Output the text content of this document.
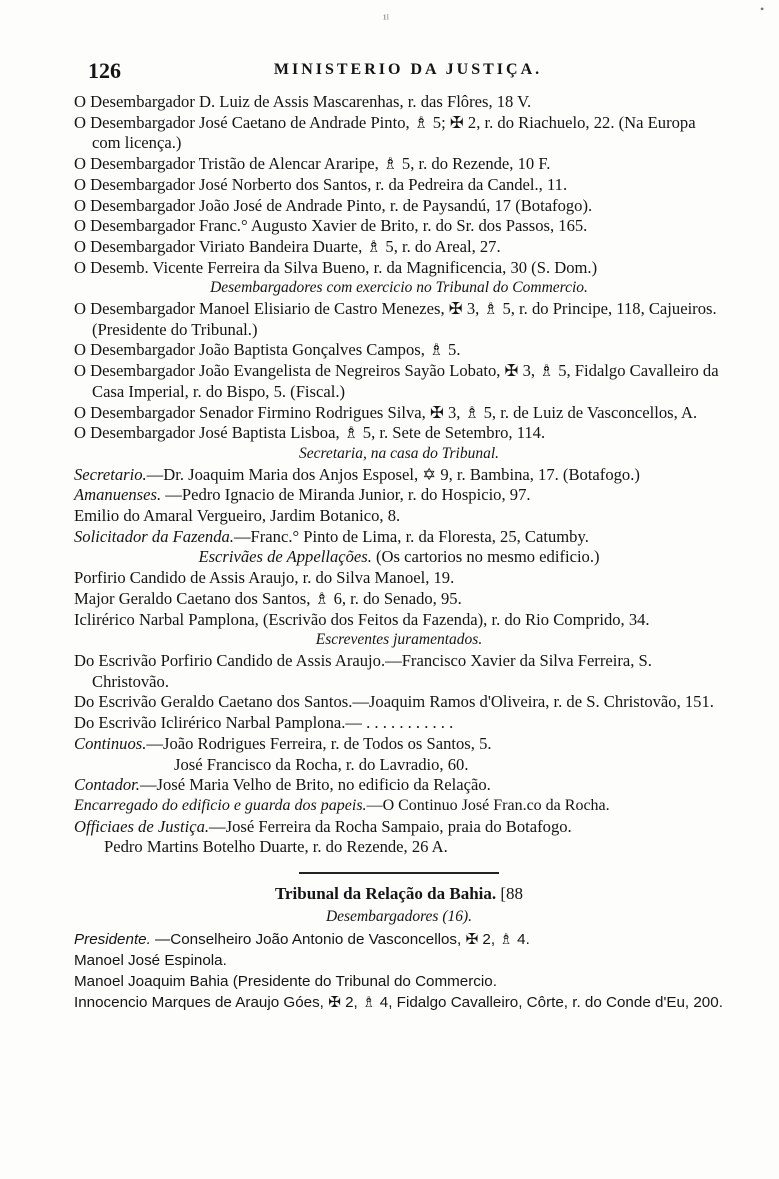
•
¹ᴵ
126	MINISTERIO DA JUSTIÇA.
O Desembargador D. Luiz de Assis Mascarenhas, r. das Flôres, 18 V.
O Desembargador José Caetano de Andrade Pinto, ♗ 5; ✠ 2, r. do Riachuelo, 22. (Na Europa com licença.)
O Desembargador Tristão de Alencar Araripe, ♗ 5, r. do Rezende, 10 F.
O Desembargador José Norberto dos Santos, r. da Pedreira da Candel., 11.
O Desembargador João José de Andrade Pinto, r. de Paysandú, 17 (Botafogo).
O Desembargador Franc.° Augusto Xavier de Brito, r. do Sr. dos Passos, 165.
O Desembargador Viriato Bandeira Duarte, ♗ 5, r. do Areal, 27.
O Desemb. Vicente Ferreira da Silva Bueno, r. da Magnificencia, 30 (S. Dom.)
Desembargadores com exercicio no Tribunal do Commercio.
O Desembargador Manoel Elisiario de Castro Menezes, ✠ 3, ♗ 5, r. do Principe, 118, Cajueiros. (Presidente do Tribunal.)
O Desembargador João Baptista Gonçalves Campos, ♗ 5.
O Desembargador João Evangelista de Negreiros Sayão Lobato, ✠ 3, ♗ 5, Fidalgo Cavalleiro da Casa Imperial, r. do Bispo, 5. (Fiscal.)
O Desembargador Senador Firmino Rodrigues Silva, ✠ 3, ♗ 5, r. de Luiz de Vasconcellos, A.
O Desembargador José Baptista Lisboa, ♗ 5, r. Sete de Setembro, 114.
Secretaria, na casa do Tribunal.
Secretario.—Dr. Joaquim Maria dos Anjos Esposel, ✡ 9, r. Bambina, 17. (Botafogo.)
Amanuenses. —Pedro Ignacio de Miranda Junior, r. do Hospicio, 97.
Emilio do Amaral Vergueiro, Jardim Botanico, 8.
Solicitador da Fazenda.—Franc.° Pinto de Lima, r. da Floresta, 25, Catumby.
Escrivães de Appellações. (Os cartorios no mesmo edificio.)
Porfirio Candido de Assis Araujo, r. do Silva Manoel, 19.
Major Geraldo Caetano dos Santos, ♗ 6, r. do Senado, 95.
Iclirérico Narbal Pamplona, (Escrivão dos Feitos da Fazenda), r. do Rio Comprido, 34.
Escreventes juramentados.
Do Escrivão Porfirio Candido de Assis Araujo.—Francisco Xavier da Silva Ferreira, S. Christovão.
Do Escrivão Geraldo Caetano dos Santos.—Joaquim Ramos d'Oliveira, r. de S. Christovão, 151.
Do Escrivão Iclirérico Narbal Pamplona.— . . . . . . . . . . .
Continuos.—João Rodrigues Ferreira, r. de Todos os Santos, 5.
José Francisco da Rocha, r. do Lavradio, 60.
Contador.—José Maria Velho de Brito, no edificio da Relação.
Encarregado do edificio e guarda dos papeis.—O Continuo José Fran.co da Rocha.
Officiaes de Justiça.—José Ferreira da Rocha Sampaio, praia do Botafogo.
Pedro Martins Botelho Duarte, r. do Rezende, 26 A.
Tribunal da Relação da Bahia. [88
Desembargadores (16).
Presidente. —Conselheiro João Antonio de Vasconcellos, ✠ 2, ♗ 4.
Manoel José Espinola.
Manoel Joaquim Bahia (Presidente do Tribunal do Commercio.
Innocencio Marques de Araujo Góes, ✠ 2, ♗ 4, Fidalgo Cavalleiro, Côrte, r. do Conde d'Eu, 200.
